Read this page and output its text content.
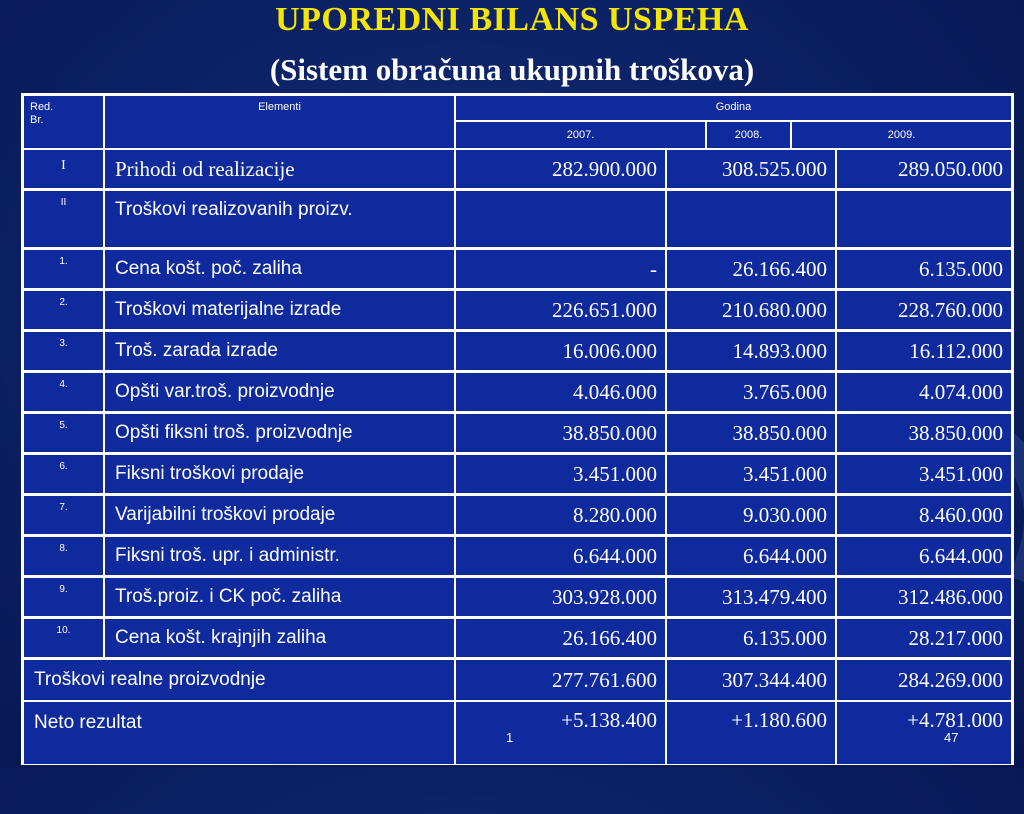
UPOREDNI BILANS USPEHA
(Sistem obračuna ukupnih troškova)
Red.
Br.
Elementi	Godina
2007.	2008.	2009.
I	Prihodi od realizacije	282.900.000	308.525.000	289.050.000
II	Troškovi realizovanih proizv.
1.	Cena košt. poč. zaliha	-	26.166.400	6.135.000
2.	Troškovi materijalne izrade	226.651.000	210.680.000	228.760.000
3.	Troš. zarada izrade	16.006.000	14.893.000	16.112.000
4.	Opšti var.troš. proizvodnje	4.046.000	3.765.000	4.074.000
5.	Opšti fiksni troš. proizvodnje	38.850.000	38.850.000	38.850.000
6.	Fiksni troškovi prodaje	3.451.000	3.451.000	3.451.000
7.	Varijabilni troškovi prodaje	8.280.000	9.030.000	8.460.000
8.	Fiksni troš. upr. i administr.	6.644.000	6.644.000	6.644.000
9.	Troš.proiz. i CK poč. zaliha	303.928.000	313.479.400	312.486.000
10.	Cena košt. krajnjih zaliha	26.166.400	6.135.000	28.217.000
Troškovi realne proizvodnje	277.761.600	307.344.400	284.269.000
Neto rezultat	+5.138.400	+1.180.600	+4.781.000
1	47
